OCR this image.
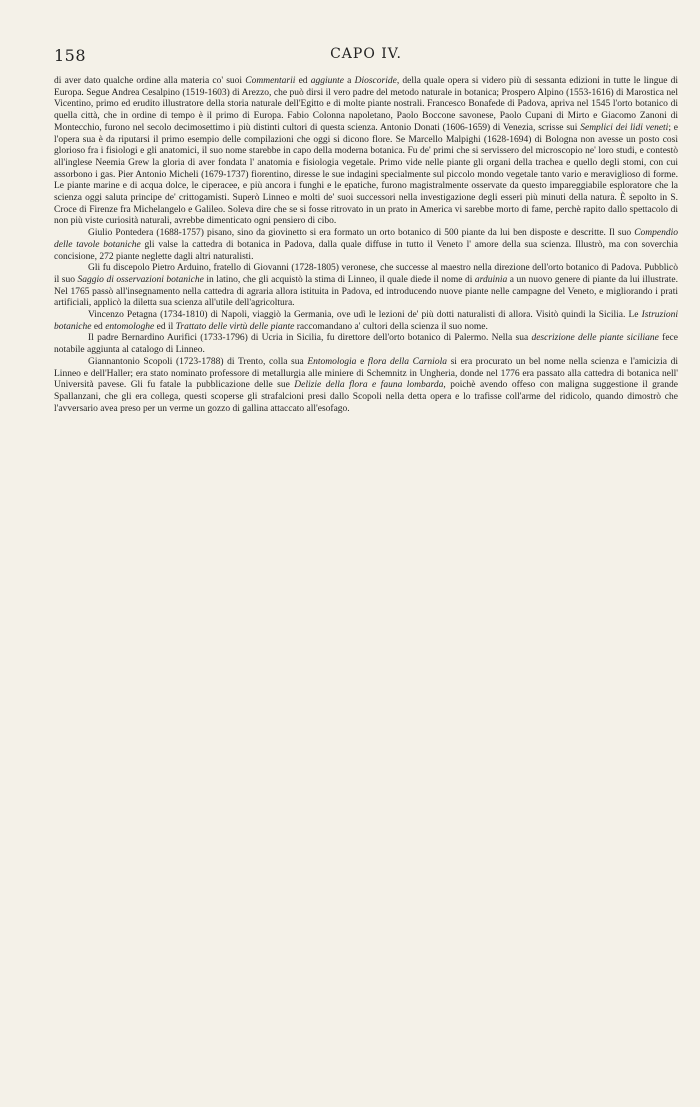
158	CAPO IV.

di aver dato qualche ordine alla materia co' suoi Commentarii ed aggiunte a Dioscoride, della quale opera si videro più di sessanta edizioni in tutte le lingue di Europa. Segue Andrea Cesalpino (1519-1603) di Arezzo, che può dirsi il vero padre del metodo naturale in botanica; Prospero Alpino (1553-1616) di Marostica nel Vicentino, primo ed erudito illustratore della storia naturale dell'Egitto e di molte piante nostrali. Francesco Bonafede di Padova, apriva nel 1545 l'orto botanico di quella città, che in ordine di tempo è il primo di Europa. Fabio Colonna napoletano, Paolo Boccone savonese, Paolo Cupani di Mirto e Giacomo Zanoni di Montecchio, furono nel secolo decimosettimo i più distinti cultori di questa scienza. Antonio Donati (1606-1659) di Venezia, scrisse sui Semplici dei lidi veneti; e l'opera sua è da riputarsi il primo esempio delle compilazioni che oggi si dicono flore. Se Marcello Malpighi (1628-1694) di Bologna non avesse un posto così glorioso fra i fisiologi e gli anatomici, il suo nome starebbe in capo della moderna botanica. Fu de' primi che si servissero del microscopio ne' loro studi, e contestò all'inglese Neemia Grew la gloria di aver fondata l' anatomia e fisiologia vegetale. Primo vide nelle piante gli organi della trachea e quello degli stomi, con cui assorbono i gas. Pier Antonio Micheli (1679-1737) fiorentino, diresse le sue indagini specialmente sul piccolo mondo vegetale tanto vario e meraviglioso di forme. Le piante marine e di acqua dolce, le ciperacee, e più ancora i funghi e le epatiche, furono magistralmente osservate da questo impareggiabile esploratore che la scienza oggi saluta principe de' crittogamisti. Superò Linneo e molti de' suoi successori nella investigazione degli esseri più minuti della natura. È sepolto in S. Croce di Firenze fra Michelangelo e Galileo. Soleva dire che se si fosse ritrovato in un prato in America vi sarebbe morto di fame, perchè rapito dallo spettacolo di non più viste curiosità naturali, avrebbe dimenticato ogni pensiero di cibo.

Giulio Pontedera (1688-1757) pisano, sino da giovinetto si era formato un orto botanico di 500 piante da lui ben disposte e descritte. Il suo Compendio delle tavole botaniche gli valse la cattedra di botanica in Padova, dalla quale diffuse in tutto il Veneto l' amore della sua scienza. Illustrò, ma con soverchia concisione, 272 piante neglette dagli altri naturalisti.

Gli fu discepolo Pietro Arduino, fratello di Giovanni (1728-1805) veronese, che successe al maestro nella direzione dell'orto botanico di Padova. Pubblicò il suo Saggio di osservazioni botaniche in latino, che gli acquistò la stima di Linneo, il quale diede il nome di arduinia a un nuovo genere di piante da lui illustrate. Nel 1765 passò all'insegnamento nella cattedra di agraria allora istituita in Padova, ed introducendo nuove piante nelle campagne del Veneto, e migliorando i prati artificiali, applicò la diletta sua scienza all'utile dell'agricoltura.

Vincenzo Petagna (1734-1810) di Napoli, viaggiò la Germania, ove udì le lezioni de' più dotti naturalisti di allora. Visitò quindi la Sicilia. Le Istruzioni botaniche ed entomologhe ed il Trattato delle virtù delle piante raccomandano a' cultori della scienza il suo nome.

Il padre Bernardino Aurifici (1733-1796) di Ucria in Sicilia, fu direttore dell'orto botanico di Palermo. Nella sua descrizione delle piante siciliane fece notabile aggiunta al catalogo di Linneo.

Giannantonio Scopoli (1723-1788) di Trento, colla sua Entomologia e flora della Carniola si era procurato un bel nome nella scienza e l'amicizia di Linneo e dell'Haller; era stato nominato professore di metallurgia alle miniere di Schemnitz in Ungheria, donde nel 1776 era passato alla cattedra di botanica nell' Università pavese. Gli fu fatale la pubblicazione delle sue Delizie della flora e fauna lombarda, poichè avendo offeso con maligna suggestione il grande Spallanzani, che gli era collega, questi scoperse gli strafalcioni presi dallo Scopoli nella detta opera e lo trafisse coll'arme del ridicolo, quando dimostrò che l'avversario avea preso per un verme un gozzo di gallina attaccato all'esofago.
